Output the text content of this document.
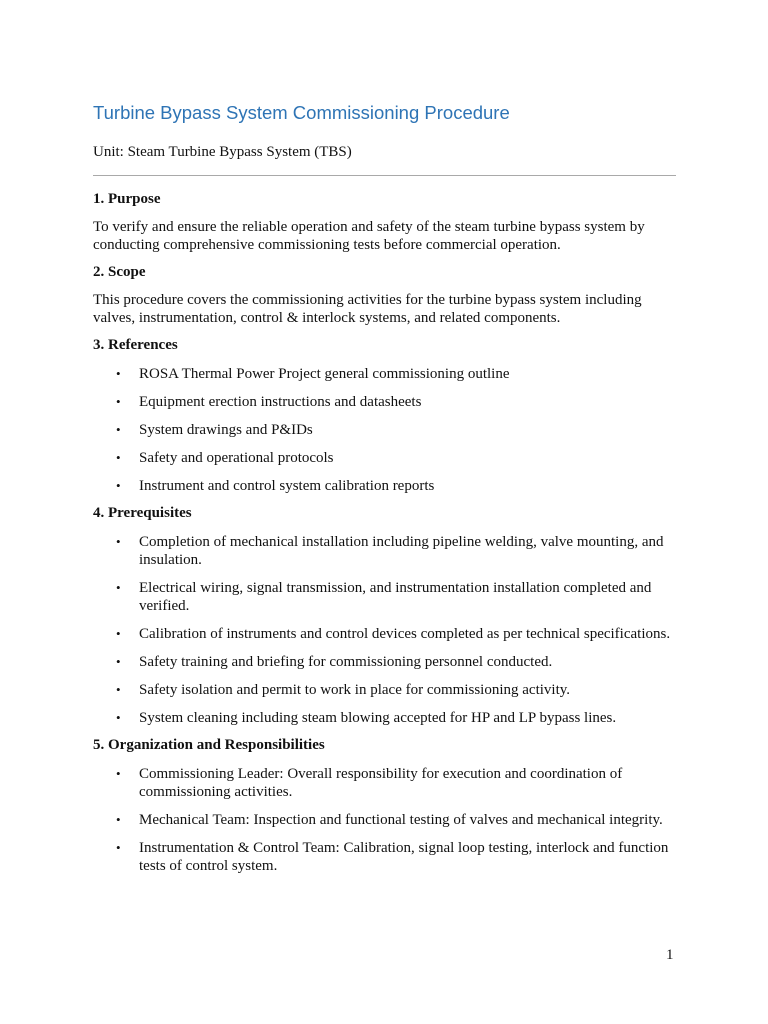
Turbine Bypass System Commissioning Procedure
Unit: Steam Turbine Bypass System (TBS)
1. Purpose
To verify and ensure the reliable operation and safety of the steam turbine bypass system by conducting comprehensive commissioning tests before commercial operation.
2. Scope
This procedure covers the commissioning activities for the turbine bypass system including valves, instrumentation, control & interlock systems, and related components.
3. References
• ROSA Thermal Power Project general commissioning outline
• Equipment erection instructions and datasheets
• System drawings and P&IDs
• Safety and operational protocols
• Instrument and control system calibration reports
4. Prerequisites
• Completion of mechanical installation including pipeline welding, valve mounting, and insulation.
• Electrical wiring, signal transmission, and instrumentation installation completed and verified.
• Calibration of instruments and control devices completed as per technical specifications.
• Safety training and briefing for commissioning personnel conducted.
• Safety isolation and permit to work in place for commissioning activity.
• System cleaning including steam blowing accepted for HP and LP bypass lines.
5. Organization and Responsibilities
• Commissioning Leader: Overall responsibility for execution and coordination of commissioning activities.
• Mechanical Team: Inspection and functional testing of valves and mechanical integrity.
• Instrumentation & Control Team: Calibration, signal loop testing, interlock and function tests of control system.
1
